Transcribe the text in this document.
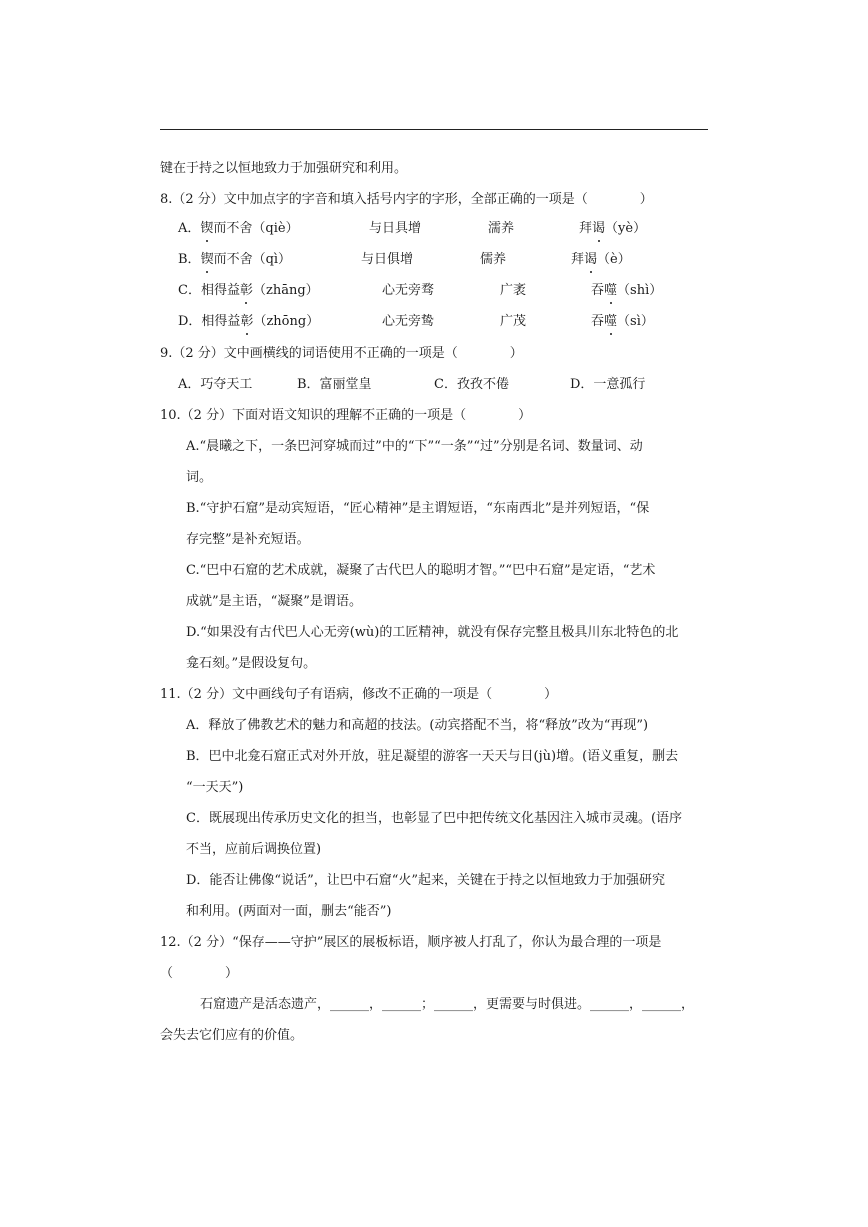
键在于持之以恒地致力于加强研究和利用。
8.（2 分）文中加点字的字音和填入括号内字的字形，全部正确的一项是（　　　　）
A．锲而不舍（qiè）	与日具增	濡养	拜谒（yè）
B．锲而不舍（qì）	与日俱增	儒养	拜谒（è）
C．相得益彰（zhāng）	心无旁骛	广袤	吞噬（shì）
D．相得益彰（zhōng）	心无旁鸷	广茂	吞噬（sì）
9.（2 分）文中画横线的词语使用不正确的一项是（　　　　）
A．巧夺天工	B．富丽堂皇	C．孜孜不倦	D．一意孤行
10.（2 分）下面对语文知识的理解不正确的一项是（　　　　）
A.“晨曦之下，一条巴河穿城而过”中的“下”“一条”“过”分别是名词、数量词、动
词。
B.“守护石窟”是动宾短语，“匠心精神”是主谓短语，“东南西北”是并列短语，“保
存完整”是补充短语。
C.“巴中石窟的艺术成就，凝聚了古代巴人的聪明才智。”“巴中石窟”是定语，“艺术
成就”是主语，“凝聚”是谓语。
D.“如果没有古代巴人心无旁(wù)的工匠精神，就没有保存完整且极具川东北特色的北
龛石刻。”是假设复句。
11.（2 分）文中画线句子有语病，修改不正确的一项是（　　　　）
A．释放了佛教艺术的魅力和高超的技法。(动宾搭配不当，将“释放”改为“再现”)
B．巴中北龛石窟正式对外开放，驻足凝望的游客一天天与日(jù)增。(语义重复，删去
“一天天”)
C．既展现出传承历史文化的担当，也彰显了巴中把传统文化基因注入城市灵魂。(语序
不当，应前后调换位置)
D．能否让佛像“说话”，让巴中石窟“火”起来，关键在于持之以恒地致力于加强研究
和利用。(两面对一面，删去“能否”)
12.（2 分）“保存——守护”展区的展板标语，顺序被人打乱了，你认为最合理的一项是
（　　　　）
石窟遗产是活态遗产，______，______；______，更需要与时俱进。______，______，
会失去它们应有的价值。
